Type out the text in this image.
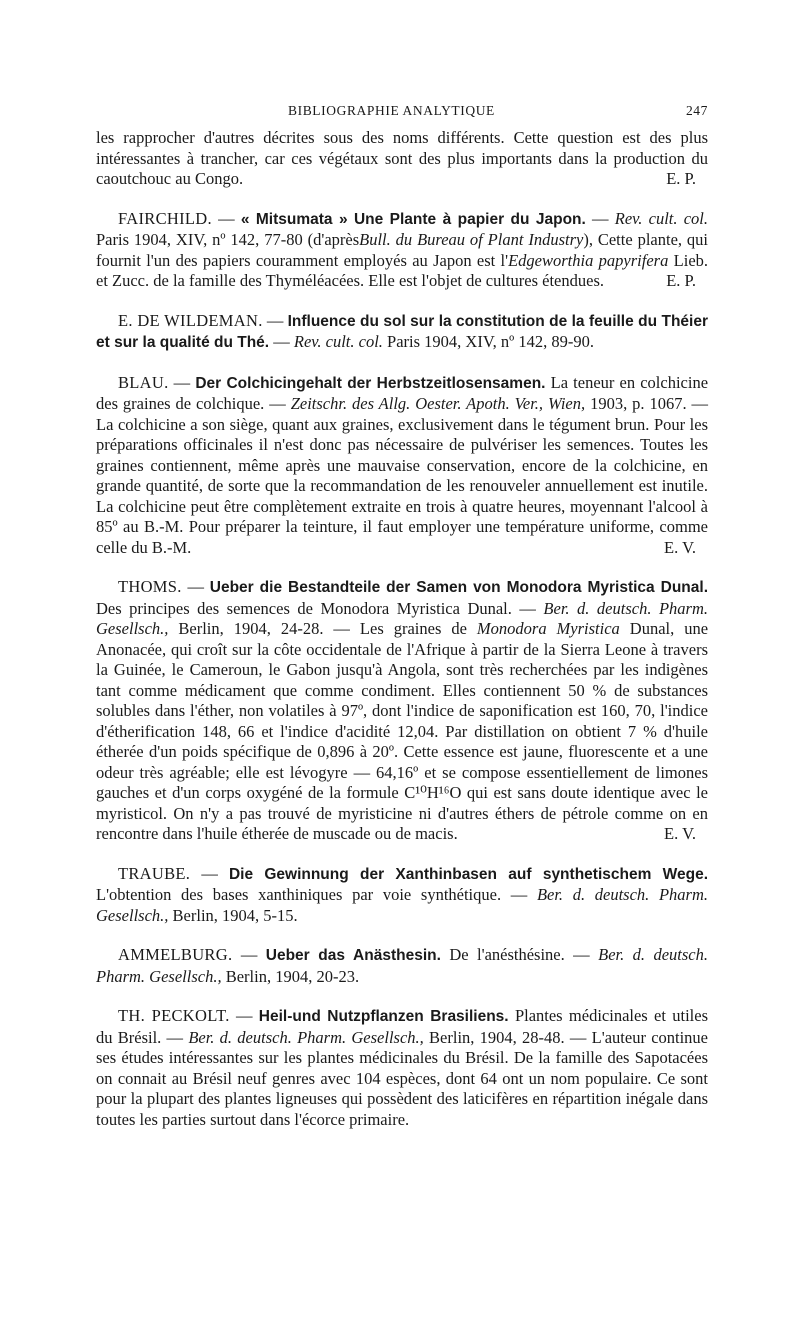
BIBLIOGRAPHIE ANALYTIQUE	247

les rapprocher d'autres décrites sous des noms différents. Cette question est des plus intéressantes à trancher, car ces végétaux sont des plus importants dans la production du caoutchouc au Congo.	E. P.

FAIRCHILD. — « Mitsumata » Une Plante à papier du Japon. — Rev. cult. col. Paris 1904, XIV, nº 142, 77-80 (d'aprèsBull. du Bureau of Plant Industry), Cette plante, qui fournit l'un des papiers couramment employés au Japon est l'Edgeworthia papyrifera Lieb. et Zucc. de la famille des Thyméléacées. Elle est l'objet de cultures étendues.	E. P.

E. DE WILDEMAN. — Influence du sol sur la constitution de la feuille du Théier et sur la qualité du Thé. — Rev. cult. col. Paris 1904, XIV, nº 142, 89-90.

BLAU. — Der Colchicingehalt der Herbstzeitlosensamen. La teneur en colchicine des graines de colchique. — Zeitschr. des Allg. Oester. Apoth. Ver., Wien, 1903, p. 1067. — La colchicine a son siège, quant aux graines, exclusivement dans le tégument brun. Pour les préparations officinales il n'est donc pas nécessaire de pulvériser les semences. Toutes les graines contiennent, même après une mauvaise conservation, encore de la colchicine, en grande quantité, de sorte que la recommandation de les renouveler annuellement est inutile. La colchicine peut être complètement extraite en trois à quatre heures, moyennant l'alcool à 85º au B.-M. Pour préparer la teinture, il faut employer une température uniforme, comme celle du B.-M.	E. V.

THOMS. — Ueber die Bestandteile der Samen von Monodora Myristica Dunal. Des principes des semences de Monodora Myristica Dunal. — Ber. d. deutsch. Pharm. Gesellsch., Berlin, 1904, 24-28. — Les graines de Monodora Myristica Dunal, une Anonacée, qui croît sur la côte occidentale de l'Afrique à partir de la Sierra Leone à travers la Guinée, le Cameroun, le Gabon jusqu'à Angola, sont très recherchées par les indigènes tant comme médicament que comme condiment. Elles contiennent 50 % de substances solubles dans l'éther, non volatiles à 97º, dont l'indice de saponification est 160, 70, l'indice d'étherification 148, 66 et l'indice d'acidité 12,04. Par distillation on obtient 7 % d'huile étherée d'un poids spécifique de 0,896 à 20º. Cette essence est jaune, fluorescente et a une odeur très agréable; elle est lévogyre — 64,16º et se compose essentiellement de limones gauches et d'un corps oxygéné de la formule C¹⁰H¹⁶O qui est sans doute identique avec le myristicol. On n'y a pas trouvé de myristicine ni d'autres éthers de pétrole comme on en rencontre dans l'huile étherée de muscade ou de macis.	E. V.

TRAUBE. — Die Gewinnung der Xanthinbasen auf synthetischem Wege. L'obtention des bases xanthiniques par voie synthétique. — Ber. d. deutsch. Pharm. Gesellsch., Berlin, 1904, 5-15.

AMMELBURG. — Ueber das Anästhesin. De l'anésthésine. — Ber. d. deutsch. Pharm. Gesellsch., Berlin, 1904, 20-23.

TH. PECKOLT. — Heil-und Nutzpflanzen Brasiliens. Plantes médicinales et utiles du Brésil. — Ber. d. deutsch. Pharm. Gesellsch., Berlin, 1904, 28-48. — L'auteur continue ses études intéressantes sur les plantes médicinales du Brésil. De la famille des Sapotacées on connait au Brésil neuf genres avec 104 espèces, dont 64 ont un nom populaire. Ce sont pour la plupart des plantes ligneuses qui possèdent des laticifères en répartition inégale dans toutes les parties surtout dans l'écorce primaire.
